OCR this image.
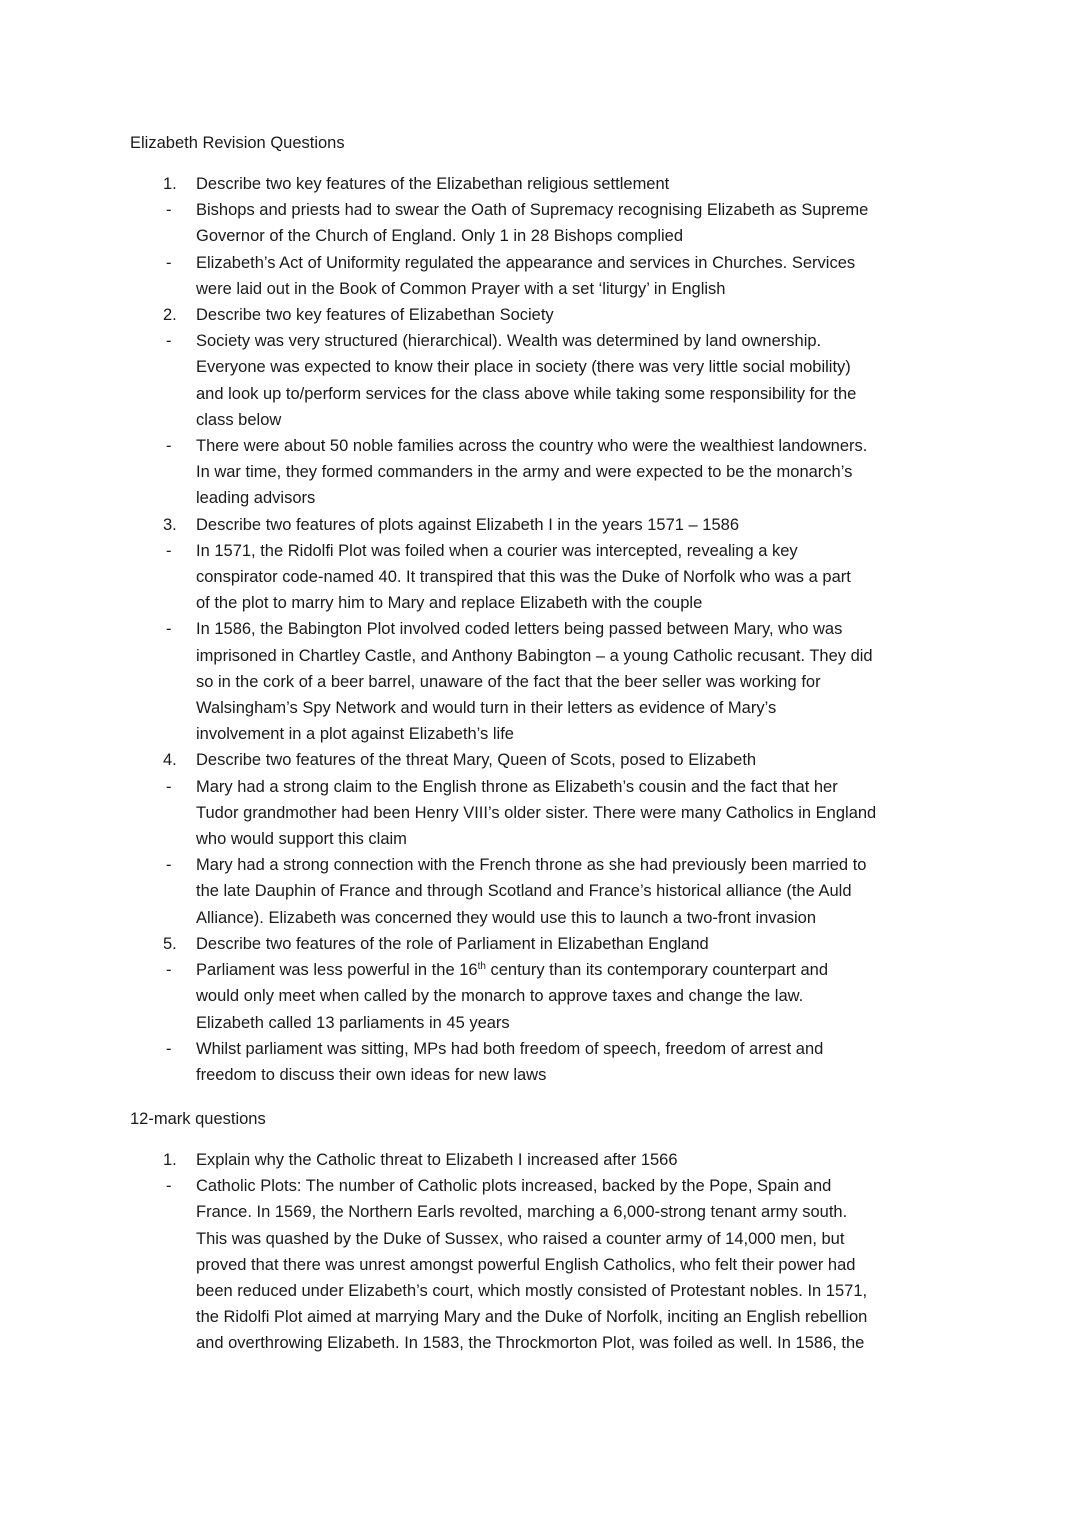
Elizabeth Revision Questions
1.	Describe two key features of the Elizabethan religious settlement
-	Bishops and priests had to swear the Oath of Supremacy recognising Elizabeth as Supreme
Governor of the Church of England. Only 1 in 28 Bishops complied
-	Elizabeth’s Act of Uniformity regulated the appearance and services in Churches. Services
were laid out in the Book of Common Prayer with a set ‘liturgy’ in English
2.	Describe two key features of Elizabethan Society
-	Society was very structured (hierarchical). Wealth was determined by land ownership.
Everyone was expected to know their place in society (there was very little social mobility)
and look up to/perform services for the class above while taking some responsibility for the
class below
-	There were about 50 noble families across the country who were the wealthiest landowners.
In war time, they formed commanders in the army and were expected to be the monarch’s
leading advisors
3.	Describe two features of plots against Elizabeth I in the years 1571 – 1586
-	In 1571, the Ridolfi Plot was foiled when a courier was intercepted, revealing a key
conspirator code-named 40. It transpired that this was the Duke of Norfolk who was a part
of the plot to marry him to Mary and replace Elizabeth with the couple
-	In 1586, the Babington Plot involved coded letters being passed between Mary, who was
imprisoned in Chartley Castle, and Anthony Babington – a young Catholic recusant. They did
so in the cork of a beer barrel, unaware of the fact that the beer seller was working for
Walsingham’s Spy Network and would turn in their letters as evidence of Mary’s
involvement in a plot against Elizabeth’s life
4.	Describe two features of the threat Mary, Queen of Scots, posed to Elizabeth
-	Mary had a strong claim to the English throne as Elizabeth’s cousin and the fact that her
Tudor grandmother had been Henry VIII’s older sister. There were many Catholics in England
who would support this claim
-	Mary had a strong connection with the French throne as she had previously been married to
the late Dauphin of France and through Scotland and France’s historical alliance (the Auld
Alliance). Elizabeth was concerned they would use this to launch a two-front invasion
5.	Describe two features of the role of Parliament in Elizabethan England
-	Parliament was less powerful in the 16th century than its contemporary counterpart and
would only meet when called by the monarch to approve taxes and change the law.
Elizabeth called 13 parliaments in 45 years
-	Whilst parliament was sitting, MPs had both freedom of speech, freedom of arrest and
freedom to discuss their own ideas for new laws
12-mark questions
1.	Explain why the Catholic threat to Elizabeth I increased after 1566
-	Catholic Plots: The number of Catholic plots increased, backed by the Pope, Spain and
France. In 1569, the Northern Earls revolted, marching a 6,000-strong tenant army south.
This was quashed by the Duke of Sussex, who raised a counter army of 14,000 men, but
proved that there was unrest amongst powerful English Catholics, who felt their power had
been reduced under Elizabeth’s court, which mostly consisted of Protestant nobles. In 1571,
the Ridolfi Plot aimed at marrying Mary and the Duke of Norfolk, inciting an English rebellion
and overthrowing Elizabeth. In 1583, the Throckmorton Plot, was foiled as well. In 1586, the
